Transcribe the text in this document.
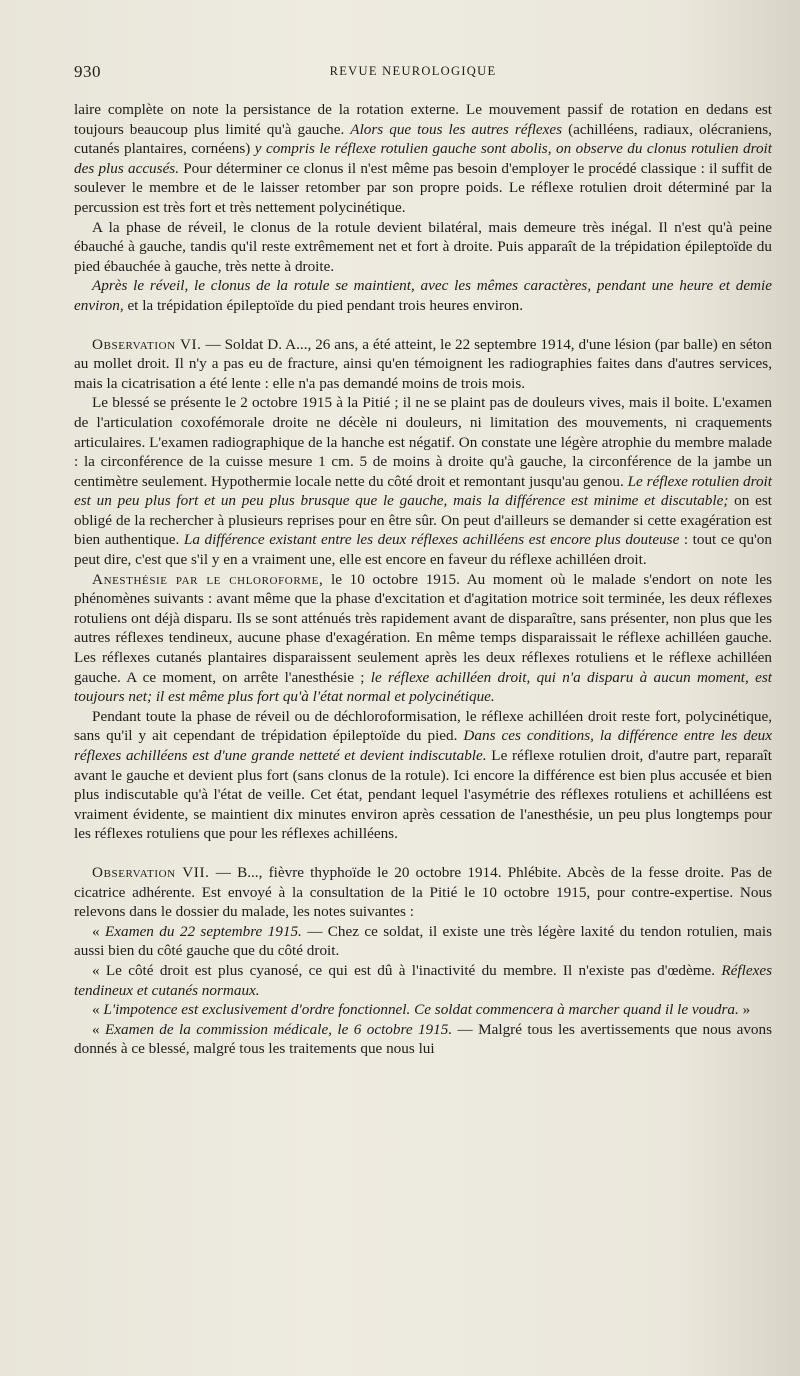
930	REVUE NEUROLOGIQUE

laire complète on note la persistance de la rotation externe. Le mouvement passif de rotation en dedans est toujours beaucoup plus limité qu'à gauche. Alors que tous les autres réflexes (achilléens, radiaux, olécraniens, cutanés plantaires, cornéens) y compris le réflexe rotulien gauche sont abolis, on observe du clonus rotulien droit des plus accusés. Pour déterminer ce clonus il n'est même pas besoin d'employer le procédé classique : il suffit de soulever le membre et de le laisser retomber par son propre poids. Le réflexe rotulien droit déterminé par la percussion est très fort et très nettement polycinétique.

A la phase de réveil, le clonus de la rotule devient bilatéral, mais demeure très inégal. Il n'est qu'à peine ébauché à gauche, tandis qu'il reste extrêmement net et fort à droite. Puis apparaît de la trépidation épileptoïde du pied ébauchée à gauche, très nette à droite.

Après le réveil, le clonus de la rotule se maintient, avec les mêmes caractères, pendant une heure et demie environ, et la trépidation épileptoïde du pied pendant trois heures environ.

Observation VI. — Soldat D. A..., 26 ans, a été atteint, le 22 septembre 1914, d'une lésion (par balle) en séton au mollet droit. Il n'y a pas eu de fracture, ainsi qu'en témoignent les radiographies faites dans d'autres services, mais la cicatrisation a été lente : elle n'a pas demandé moins de trois mois.

Le blessé se présente le 2 octobre 1915 à la Pitié ; il ne se plaint pas de douleurs vives, mais il boite. L'examen de l'articulation coxofémorale droite ne décèle ni douleurs, ni limitation des mouvements, ni craquements articulaires. L'examen radiographique de la hanche est négatif. On constate une légère atrophie du membre malade : la circonférence de la cuisse mesure 1 cm. 5 de moins à droite qu'à gauche, la circonférence de la jambe un centimètre seulement. Hypothermie locale nette du côté droit et remontant jusqu'au genou. Le réflexe rotulien droit est un peu plus fort et un peu plus brusque que le gauche, mais la différence est minime et discutable; on est obligé de la rechercher à plusieurs reprises pour en être sûr. On peut d'ailleurs se demander si cette exagération est bien authentique. La différence existant entre les deux réflexes achilléens est encore plus douteuse : tout ce qu'on peut dire, c'est que s'il y en a vraiment une, elle est encore en faveur du réflexe achilléen droit.

Anesthésie par le chloroforme, le 10 octobre 1915. Au moment où le malade s'endort on note les phénomènes suivants : avant même que la phase d'excitation et d'agitation motrice soit terminée, les deux réflexes rotuliens ont déjà disparu. Ils se sont atténués très rapidement avant de disparaître, sans présenter, non plus que les autres réflexes tendineux, aucune phase d'exagération. En même temps disparaissait le réflexe achilléen gauche. Les réflexes cutanés plantaires disparaissent seulement après les deux réflexes rotuliens et le réflexe achilléen gauche. A ce moment, on arrête l'anesthésie ; le réflexe achilléen droit, qui n'a disparu à aucun moment, est toujours net; il est même plus fort qu'à l'état normal et polycinétique.

Pendant toute la phase de réveil ou de déchloroformisation, le réflexe achilléen droit reste fort, polycinétique, sans qu'il y ait cependant de trépidation épileptoïde du pied. Dans ces conditions, la différence entre les deux réflexes achilléens est d'une grande netteté et devient indiscutable. Le réflexe rotulien droit, d'autre part, reparaît avant le gauche et devient plus fort (sans clonus de la rotule). Ici encore la différence est bien plus accusée et bien plus indiscutable qu'à l'état de veille. Cet état, pendant lequel l'asymétrie des réflexes rotuliens et achilléens est vraiment évidente, se maintient dix minutes environ après cessation de l'anesthésie, un peu plus longtemps pour les réflexes rotuliens que pour les réflexes achilléens.

Observation VII. — B..., fièvre thyphoïde le 20 octobre 1914. Phlébite. Abcès de la fesse droite. Pas de cicatrice adhérente. Est envoyé à la consultation de la Pitié le 10 octobre 1915, pour contre-expertise. Nous relevons dans le dossier du malade, les notes suivantes :

« Examen du 22 septembre 1915. — Chez ce soldat, il existe une très légère laxité du tendon rotulien, mais aussi bien du côté gauche que du côté droit.

« Le côté droit est plus cyanosé, ce qui est dû à l'inactivité du membre. Il n'existe pas d'œdème. Réflexes tendineux et cutanés normaux.

« L'impotence est exclusivement d'ordre fonctionnel. Ce soldat commencera à marcher quand il le voudra. »

« Examen de la commission médicale, le 6 octobre 1915. — Malgré tous les avertissements que nous avons donnés à ce blessé, malgré tous les traitements que nous lui
